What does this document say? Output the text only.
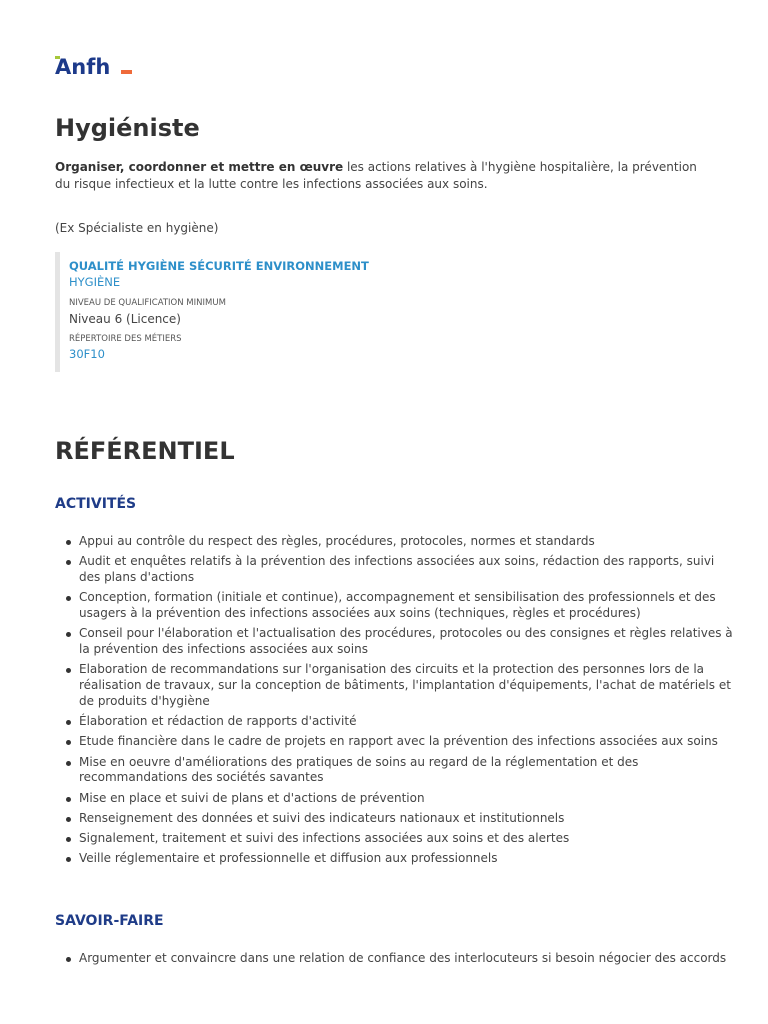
Anfh
Hygiéniste

Organiser, coordonner et mettre en œuvre les actions relatives à l'hygiène hospitalière, la prévention du risque infectieux et la lutte contre les infections associées aux soins.

(Ex Spécialiste en hygiène)

QUALITÉ HYGIÈNE SÉCURITÉ ENVIRONNEMENT
HYGIÈNE
NIVEAU DE QUALIFICATION MINIMUM
Niveau 6 (Licence)
RÉPERTOIRE DES MÉTIERS
30F10
RÉFÉRENTIEL
ACTIVITÉS
Appui au contrôle du respect des règles, procédures, protocoles, normes et standards
Audit et enquêtes relatifs à la prévention des infections associées aux soins, rédaction des rapports, suivi des plans d'actions
Conception, formation (initiale et continue), accompagnement et sensibilisation des professionnels et des usagers à la prévention des infections associées aux soins (techniques, règles et procédures)
Conseil pour l'élaboration et l'actualisation des procédures, protocoles ou des consignes et règles relatives à la prévention des infections associées aux soins
Elaboration de recommandations sur l'organisation des circuits et la protection des personnes lors de la réalisation de travaux, sur la conception de bâtiments, l'implantation d'équipements, l'achat de matériels et de produits d'hygiène
Élaboration et rédaction de rapports d'activité
Etude financière dans le cadre de projets en rapport avec la prévention des infections associées aux soins
Mise en oeuvre d'améliorations des pratiques de soins au regard de la réglementation et des recommandations des sociétés savantes
Mise en place et suivi de plans et d'actions de prévention
Renseignement des données et suivi des indicateurs nationaux et institutionnels
Signalement, traitement et suivi des infections associées aux soins et des alertes
Veille réglementaire et professionnelle et diffusion aux professionnels
SAVOIR-FAIRE
Argumenter et convaincre dans une relation de confiance des interlocuteurs si besoin négocier des accords
